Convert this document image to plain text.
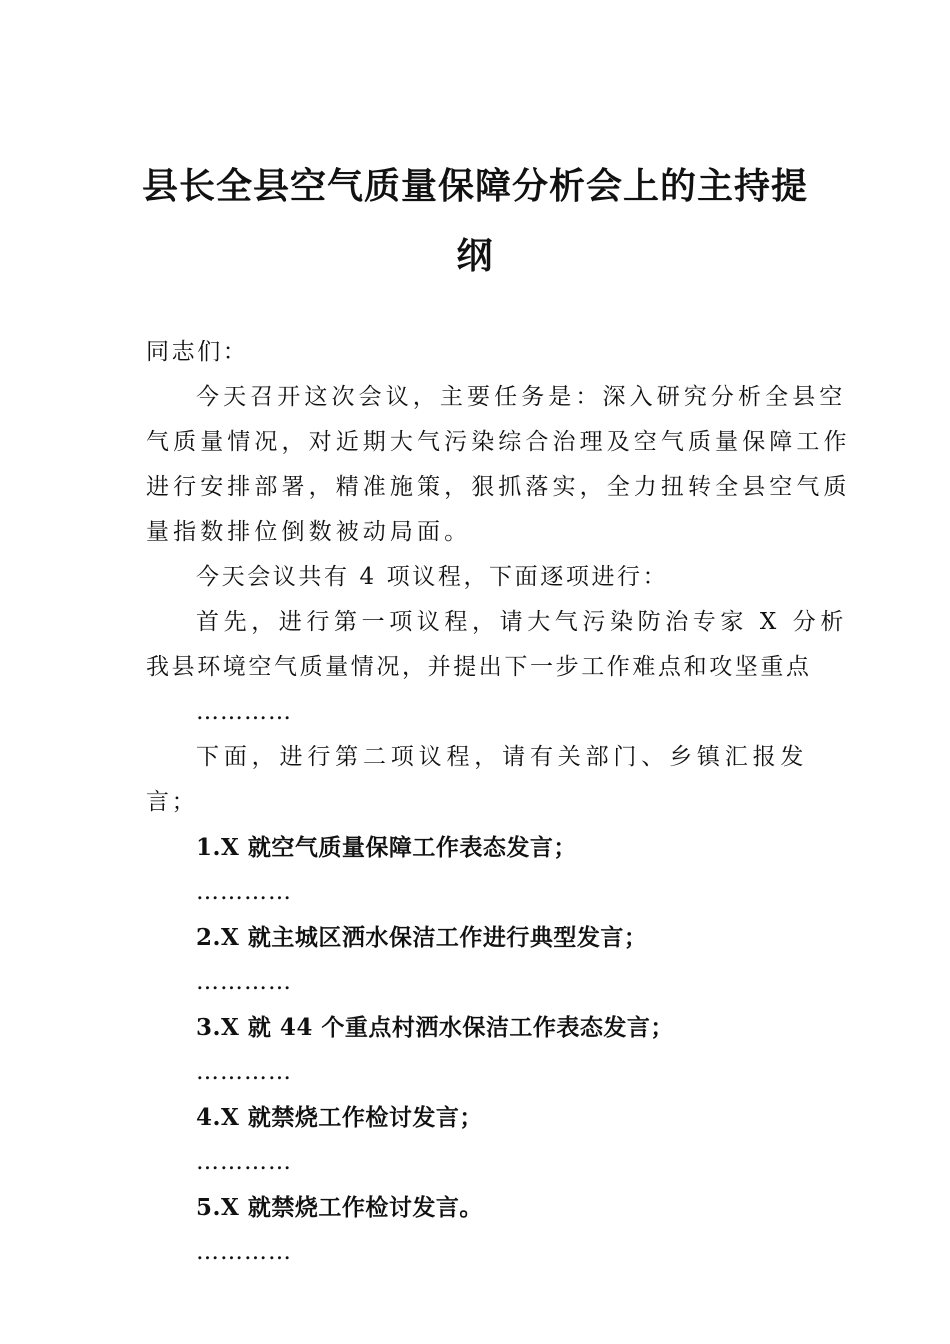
县长全县空气质量保障分析会上的主持提
纲

同志们：

今天召开这次会议，主要任务是：深入研究分析全县空
气质量情况，对近期大气污染综合治理及空气质量保障工作
进行安排部署，精准施策，狠抓落实，全力扭转全县空气质
量指数排位倒数被动局面。

今天会议共有 4 项议程，下面逐项进行：

首先，进行第一项议程，请大气污染防治专家 X 分析
我县环境空气质量情况，并提出下一步工作难点和攻坚重点

…………

下面，进行第二项议程，请有关部门、乡镇汇报发言；

1.X 就空气质量保障工作表态发言；

…………

2.X 就主城区洒水保洁工作进行典型发言；

…………

3.X 就 44 个重点村洒水保洁工作表态发言；

…………

4.X 就禁烧工作检讨发言；

…………

5.X 就禁烧工作检讨发言。

…………
